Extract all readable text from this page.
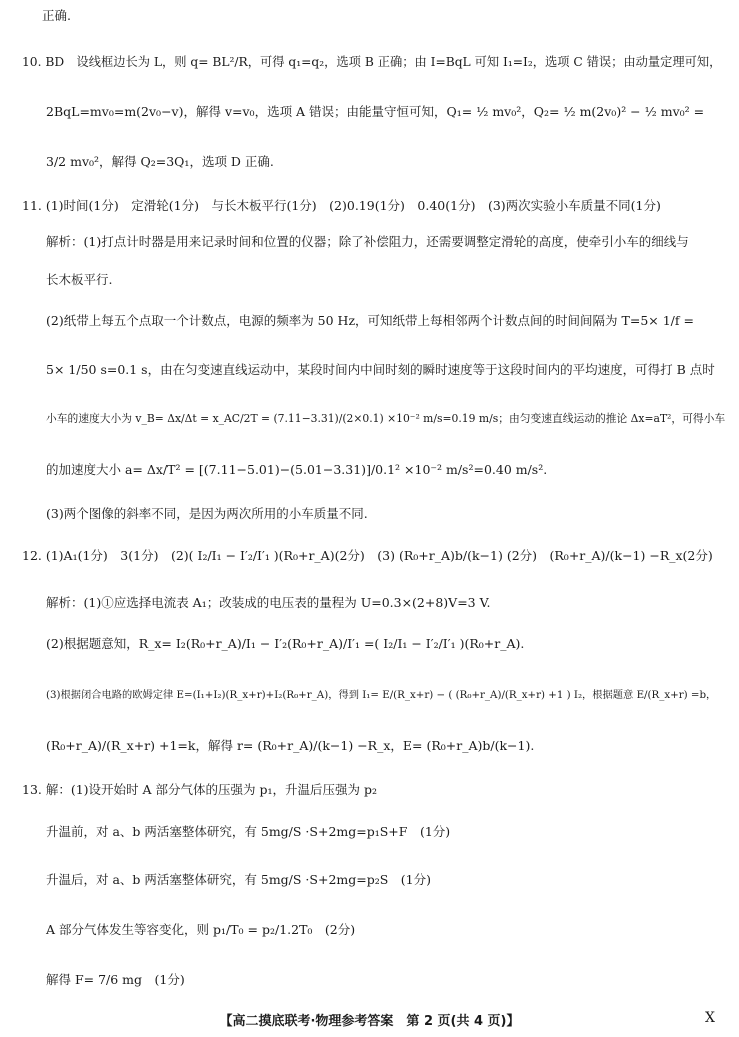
正确.
10. BD　设线框边长为 L，则 q= BL²/R，可得 q₁=q₂，选项 B 正确；由 I=BqL 可知 I₁=I₂，选项 C 错误；由动量定理可知，
2BqL=mv₀=m(2v₀−v)，解得 v=v₀，选项 A 错误；由能量守恒可知，Q₁= ½ mv₀²，Q₂= ½ m(2v₀)² − ½ mv₀² =
3/2 mv₀²，解得 Q₂=3Q₁，选项 D 正确.
11. (1)时间(1分)　定滑轮(1分)　与长木板平行(1分)　(2)0.19(1分)　0.40(1分)　(3)两次实验小车质量不同(1分)
解析：(1)打点计时器是用来记录时间和位置的仪器；除了补偿阻力，还需要调整定滑轮的高度，使牵引小车的细线与
长木板平行.
(2)纸带上每五个点取一个计数点，电源的频率为 50 Hz，可知纸带上每相邻两个计数点间的时间间隔为 T=5× 1/f =
5× 1/50 s=0.1 s，由在匀变速直线运动中，某段时间内中间时刻的瞬时速度等于这段时间内的平均速度，可得打 B 点时
小车的速度大小为 v_B= Δx/Δt = x_AC/2T = (7.11−3.31)/(2×0.1) ×10⁻² m/s=0.19 m/s；由匀变速直线运动的推论 Δx=aT²，可得小车
的加速度大小 a= Δx/T² = [(7.11−5.01)−(5.01−3.31)]/0.1² ×10⁻² m/s²=0.40 m/s².
(3)两个图像的斜率不同，是因为两次所用的小车质量不同.
12. (1)A₁(1分)　3(1分)　(2)( I₂/I₁ − I′₂/I′₁ )(R₀+r_A)(2分)　(3) (R₀+r_A)b/(k−1) (2分)　(R₀+r_A)/(k−1) −R_x(2分)
解析：(1)①应选择电流表 A₁；改装成的电压表的量程为 U=0.3×(2+8)V=3 V.
(2)根据题意知，R_x= I₂(R₀+r_A)/I₁ − I′₂(R₀+r_A)/I′₁ =( I₂/I₁ − I′₂/I′₁ )(R₀+r_A).
(3)根据闭合电路的欧姆定律 E=(I₁+I₂)(R_x+r)+I₂(R₀+r_A)，得到 I₁= E/(R_x+r) − ( (R₀+r_A)/(R_x+r) +1 ) I₂，根据题意 E/(R_x+r) =b，
(R₀+r_A)/(R_x+r) +1=k，解得 r= (R₀+r_A)/(k−1) −R_x，E= (R₀+r_A)b/(k−1).
13. 解：(1)设开始时 A 部分气体的压强为 p₁，升温后压强为 p₂
升温前，对 a、b 两活塞整体研究，有 5mg/S ·S+2mg=p₁S+F　(1分)
升温后，对 a、b 两活塞整体研究，有 5mg/S ·S+2mg=p₂S　(1分)
A 部分气体发生等容变化，则 p₁/T₀ = p₂/1.2T₀　(2分)
解得 F= 7/6 mg　(1分)
【高二摸底联考·物理参考答案　第 2 页(共 4 页)】	X
